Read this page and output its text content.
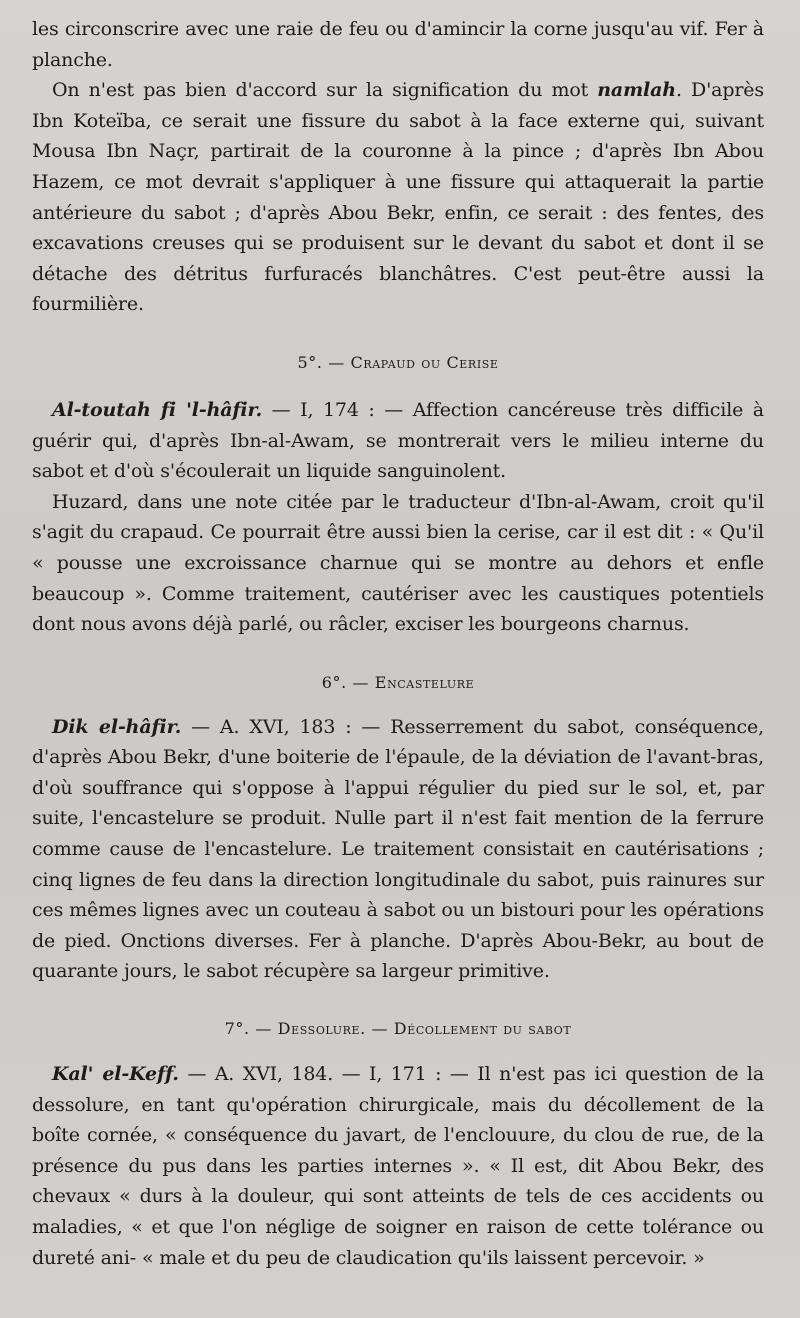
les circonscrire avec une raie de feu ou d'amincir la corne jusqu'au vif. Fer à planche.

On n'est pas bien d'accord sur la signification du mot namlah. D'après Ibn Koteïba, ce serait une fissure du sabot à la face externe qui, suivant Mousa Ibn Naçr, partirait de la couronne à la pince ; d'après Ibn Abou Hazem, ce mot devrait s'appliquer à une fissure qui attaquerait la partie antérieure du sabot ; d'après Abou Bekr, enfin, ce serait : des fentes, des excavations creuses qui se produisent sur le devant du sabot et dont il se détache des détritus furfuracés blanchâtres. C'est peut-être aussi la fourmilière.

5°. — Crapaud ou Cerise

Al-toutah fi 'l-hâfir. — I, 174 : — Affection cancéreuse très difficile à guérir qui, d'après Ibn-al-Awam, se montrerait vers le milieu interne du sabot et d'où s'écoulerait un liquide sanguinolent.

Huzard, dans une note citée par le traducteur d'Ibn-al-Awam, croit qu'il s'agit du crapaud. Ce pourrait être aussi bien la cerise, car il est dit : « Qu'il « pousse une excroissance charnue qui se montre au dehors et enfle beaucoup ». Comme traitement, cautériser avec les caustiques potentiels dont nous avons déjà parlé, ou râcler, exciser les bourgeons charnus.

6°. — Encastelure

Dik el-hâfir. — A. XVI, 183 : — Resserrement du sabot, conséquence, d'après Abou Bekr, d'une boiterie de l'épaule, de la déviation de l'avant-bras, d'où souffrance qui s'oppose à l'appui régulier du pied sur le sol, et, par suite, l'encastelure se produit. Nulle part il n'est fait mention de la ferrure comme cause de l'encastelure. Le traitement consistait en cautérisations ; cinq lignes de feu dans la direction longitudinale du sabot, puis rainures sur ces mêmes lignes avec un couteau à sabot ou un bistouri pour les opérations de pied. Onctions diverses. Fer à planche. D'après Abou-Bekr, au bout de quarante jours, le sabot récupère sa largeur primitive.

7°. — Dessolure. — Décollement du sabot

Kal' el-Keff. — A. XVI, 184. — I, 171 : — Il n'est pas ici question de la dessolure, en tant qu'opération chirurgicale, mais du décollement de la boîte cornée, « conséquence du javart, de l'enclouure, du clou de rue, de la présence du pus dans les parties internes ». « Il est, dit Abou Bekr, des chevaux « durs à la douleur, qui sont atteints de tels de ces accidents ou maladies, « et que l'on néglige de soigner en raison de cette tolérance ou dureté ani- « male et du peu de claudication qu'ils laissent percevoir. »
